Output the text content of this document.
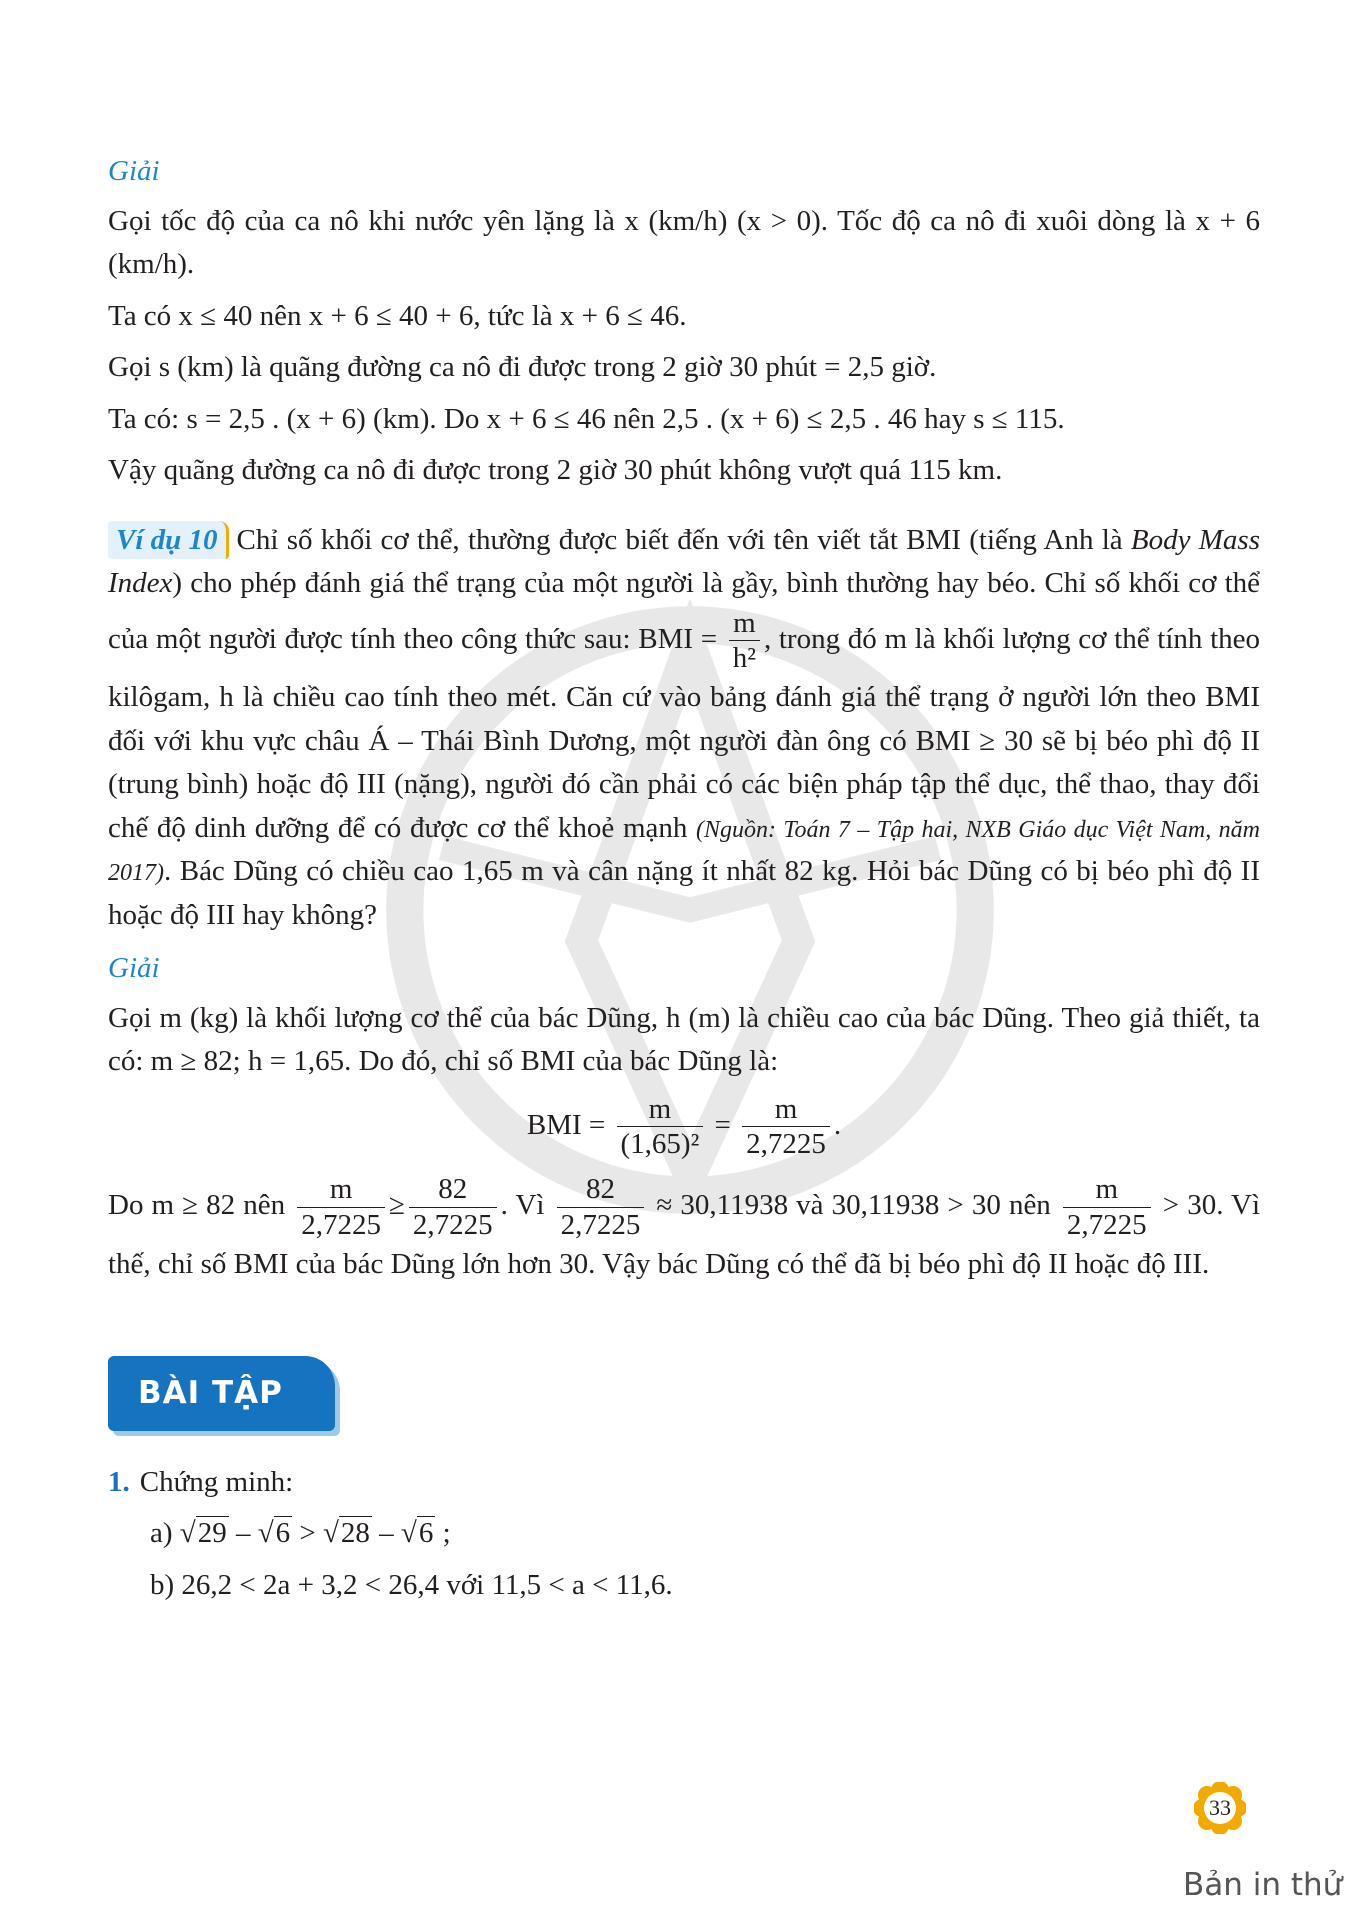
Giải

Gọi tốc độ của ca nô khi nước yên lặng là x (km/h) (x > 0). Tốc độ ca nô đi xuôi dòng là x + 6 (km/h).

Ta có x ≤ 40 nên x + 6 ≤ 40 + 6, tức là x + 6 ≤ 46.

Gọi s (km) là quãng đường ca nô đi được trong 2 giờ 30 phút = 2,5 giờ.

Ta có: s = 2,5 . (x + 6) (km). Do x + 6 ≤ 46 nên 2,5 . (x + 6) ≤ 2,5 . 46 hay s ≤ 115.

Vậy quãng đường ca nô đi được trong 2 giờ 30 phút không vượt quá 115 km.

Ví dụ 10 Chỉ số khối cơ thể, thường được biết đến với tên viết tắt BMI (tiếng Anh là Body Mass Index) cho phép đánh giá thể trạng của một người là gầy, bình thường hay béo. Chỉ số khối cơ thể của một người được tính theo công thức sau: BMI = $\frac{m}{\text{h²}}$ , trong đó m là khối lượng cơ thể tính theo kilôgam, h là chiều cao tính theo mét. Căn cứ vào bảng đánh giá thể trạng ở người lớn theo BMI đối với khu vực châu Á – Thái Bình Dương, một người đàn ông có BMI ≥ 30 sẽ bị béo phì độ II (trung bình) hoặc độ III (nặng), người đó cần phải có các biện pháp tập thể dục, thể thao, thay đổi chế độ dinh dưỡng để có được cơ thể khoẻ mạnh (Nguồn: Toán 7 – Tập hai, NXB Giáo dục Việt Nam, năm 2017). Bác Dũng có chiều cao 1,65 m và cân nặng ít nhất 82 kg. Hỏi bác Dũng có bị béo phì độ II hoặc độ III hay không?

Giải

Gọi m (kg) là khối lượng cơ thể của bác Dũng, h (m) là chiều cao của bác Dũng. Theo giả thiết, ta có: m ≥ 82; h = 1,65. Do đó, chỉ số BMI của bác Dũng là:

BMI = $\frac{m}{\text{(1,65)²}} = \frac{m}{2,7225}$ .

Do m ≥ 82 nên $\frac{m}{2,7225} \ge \frac{82}{2,7225}$ . Vì $\frac{82}{2,7225} \approx 30,11938$ và 30,11938 > 30 nên $\frac{m}{2,7225} > 30$. Vì thế, chỉ số BMI của bác Dũng lớn hơn 30. Vậy bác Dũng có thể đã bị béo phì độ II hoặc độ III.

BÀI TẬP

1. Chứng minh:

a) √29 – √6 > √28 – √6 ;

b) 26,2 < 2a + 3,2 < 26,4 với 11,5 < a < 11,6.

33
Bản in thử
